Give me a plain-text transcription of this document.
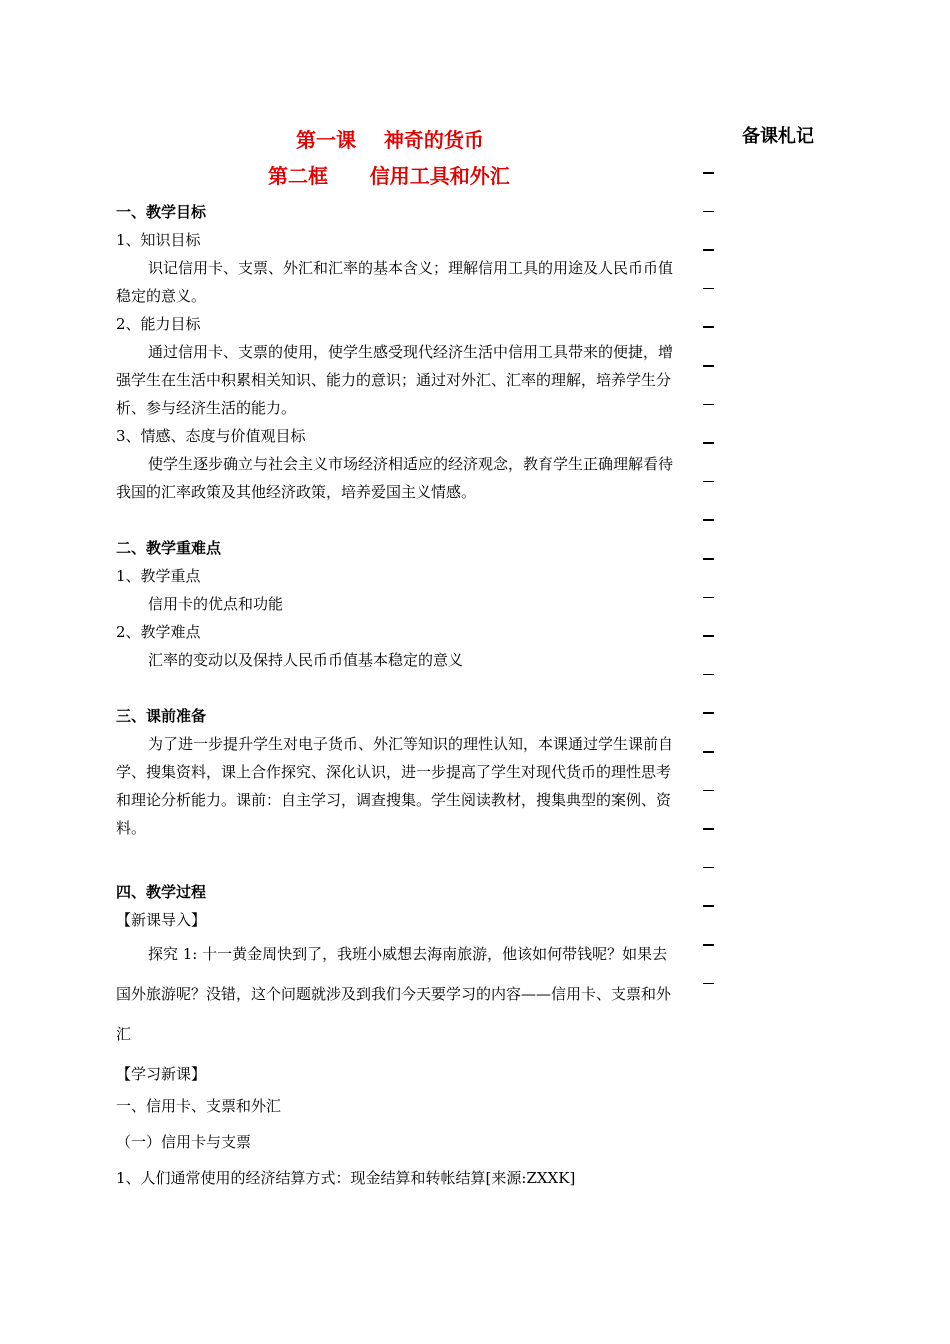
第一课    神奇的货币
第二框      信用工具和外汇
备课札记

一、教学目标

1、知识目标

识记信用卡、支票、外汇和汇率的基本含义；理解信用工具的用途及人民币币值稳定的意义。

2、能力目标

通过信用卡、支票的使用，使学生感受现代经济生活中信用工具带来的便捷，增强学生在生活中积累相关知识、能力的意识；通过对外汇、汇率的理解，培养学生分析、参与经济生活的能力。

3、情感、态度与价值观目标

使学生逐步确立与社会主义市场经济相适应的经济观念，教育学生正确理解看待我国的汇率政策及其他经济政策，培养爱国主义情感。

二、教学重难点

1、教学重点

信用卡的优点和功能

2、教学难点

汇率的变动以及保持人民币币值基本稳定的意义

三、课前准备

为了进一步提升学生对电子货币、外汇等知识的理性认知，本课通过学生课前自学、搜集资料，课上合作探究、深化认识，进一步提高了学生对现代货币的理性思考和理论分析能力。课前：自主学习，调查搜集。学生阅读教材，搜集典型的案例、资料。

四、教学过程

【新课导入】

探究 1: 十一黄金周快到了，我班小威想去海南旅游，他该如何带钱呢？如果去国外旅游呢？没错，这个问题就涉及到我们今天要学习的内容——信用卡、支票和外汇

【学习新课】

一、信用卡、支票和外汇

（一）信用卡与支票

1、人们通常使用的经济结算方式：现金结算和转帐结算[来源:ZXXK]
